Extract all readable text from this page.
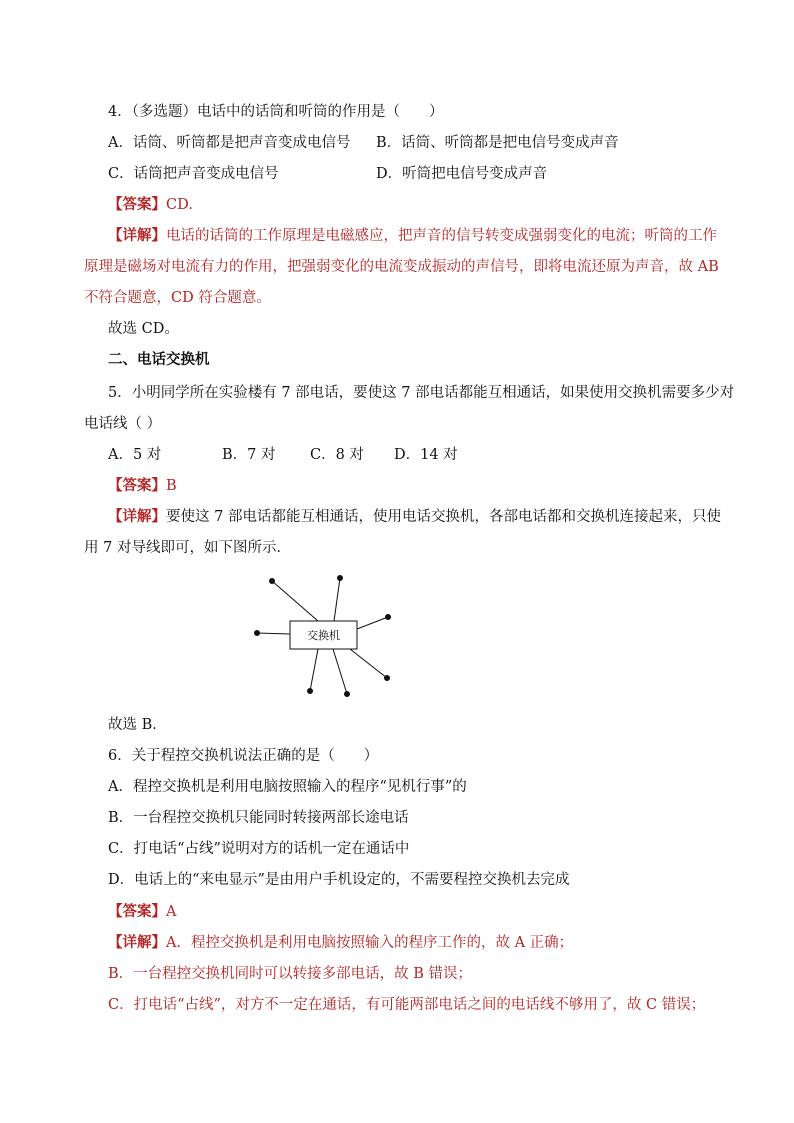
4．（多选题）电话中的话筒和听筒的作用是（　　）
A．话筒、听筒都是把声音变成电信号 B．话筒、听筒都是把电信号变成声音
C．话筒把声音变成电信号	D．听筒把电信号变成声音
【答案】CD.
【详解】电话的话筒的工作原理是电磁感应，把声音的信号转变成强弱变化的电流；听筒的工作
原理是磁场对电流有力的作用，把强弱变化的电流变成振动的声信号，即将电流还原为声音，故 AB
不符合题意，CD 符合题意。
故选 CD。
二、电话交换机
5．小明同学所在实验楼有 7 部电话，要使这 7 部电话都能互相通话，如果使用交换机需要多少对
电话线（ ）
A．5 对	B．7 对 C．8 对 D．14 对
【答案】B
【详解】要使这 7 部电话都能互相通话，使用电话交换机，各部电话都和交换机连接起来，只使
用 7 对导线即可，如下图所示．
交换机
故选 B．
6．关于程控交换机说法正确的是（　　）
A．程控交换机是利用电脑按照输入的程序“见机行事”的
B．一台程控交换机只能同时转接两部长途电话
C．打电话“占线”说明对方的话机一定在通话中
D．电话上的“来电显示”是由用户手机设定的，不需要程控交换机去完成
【答案】A
【详解】A．程控交换机是利用电脑按照输入的程序工作的，故 A 正确；
B．一台程控交换机同时可以转接多部电话，故 B 错误；
C．打电话“占线”，对方不一定在通话，有可能两部电话之间的电话线不够用了，故 C 错误；
